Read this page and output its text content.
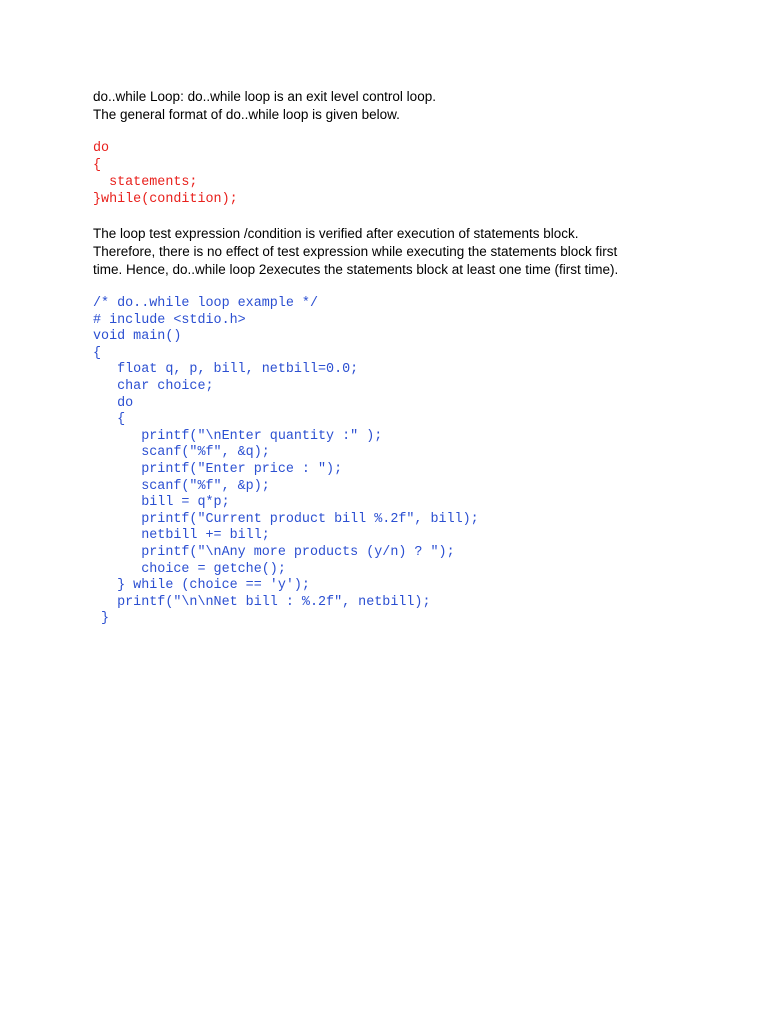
do..while Loop: do..while loop is an exit level control loop.
The general format of do..while loop is given below.
do
{
statements;
}while(condition);
The loop test expression /condition is verified after execution of statements block.
Therefore, there is no effect of test expression while executing the statements block first
time. Hence, do..while loop 2executes the statements block at least one time (first time).
/* do..while loop example */
# include <stdio.h>
void main()
{
float q, p, bill, netbill=0.0;
char choice;
do
{
printf("\nEnter quantity :" );
scanf("%f", &q);
printf("Enter price : ");
scanf("%f", &p);
bill = q*p;
printf("Current product bill %.2f", bill);
netbill += bill;
printf("\nAny more products (y/n) ? ");
choice = getche();
} while (choice == 'y');
printf("\n\nNet bill : %.2f", netbill);
}
